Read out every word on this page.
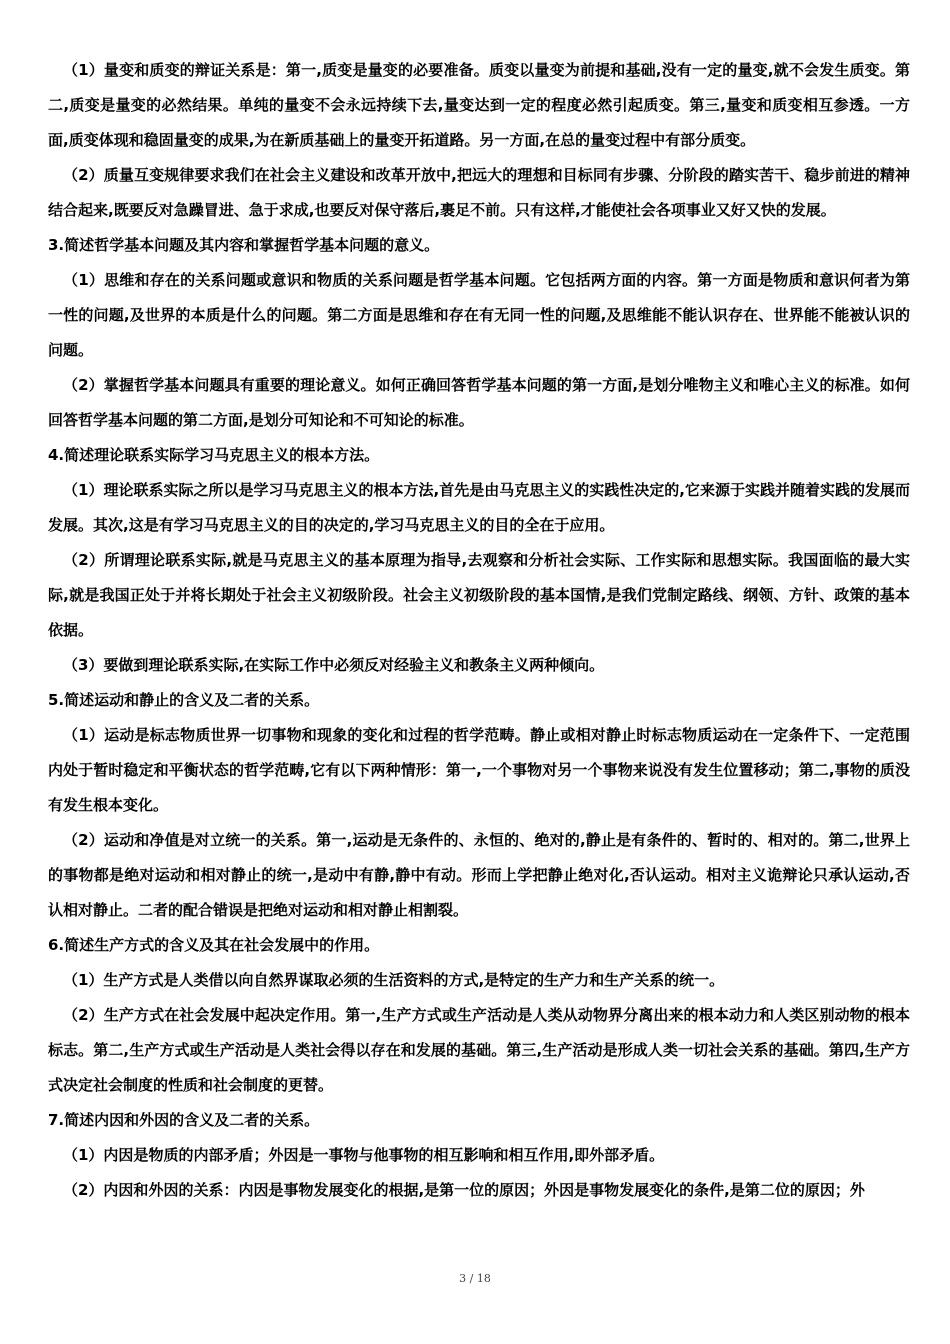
（1）量变和质变的辩证关系是：第一,质变是量变的必要准备。质变以量变为前提和基础,没有一定的量变,就不会发生质变。第二,质变是量变的必然结果。单纯的量变不会永远持续下去,量变达到一定的程度必然引起质变。第三,量变和质变相互参透。一方面,质变体现和稳固量变的成果,为在新质基础上的量变开拓道路。另一方面,在总的量变过程中有部分质变。

（2）质量互变规律要求我们在社会主义建设和改革开放中,把远大的理想和目标同有步骤、分阶段的踏实苦干、稳步前进的精神结合起来,既要反对急躁冒进、急于求成,也要反对保守落后,裹足不前。只有这样,才能使社会各项事业又好又快的发展。

3.简述哲学基本问题及其内容和掌握哲学基本问题的意义。

（1）思维和存在的关系问题或意识和物质的关系问题是哲学基本问题。它包括两方面的内容。第一方面是物质和意识何者为第一性的问题,及世界的本质是什么的问题。第二方面是思维和存在有无同一性的问题,及思维能不能认识存在、世界能不能被认识的问题。

（2）掌握哲学基本问题具有重要的理论意义。如何正确回答哲学基本问题的第一方面,是划分唯物主义和唯心主义的标准。如何回答哲学基本问题的第二方面,是划分可知论和不可知论的标准。

4.简述理论联系实际学习马克思主义的根本方法。

（1）理论联系实际之所以是学习马克思主义的根本方法,首先是由马克思主义的实践性决定的,它来源于实践并随着实践的发展而发展。其次,这是有学习马克思主义的目的决定的,学习马克思主义的目的全在于应用。

（2）所谓理论联系实际,就是马克思主义的基本原理为指导,去观察和分析社会实际、工作实际和思想实际。我国面临的最大实际,就是我国正处于并将长期处于社会主义初级阶段。社会主义初级阶段的基本国情,是我们党制定路线、纲领、方针、政策的基本依据。

（3）要做到理论联系实际,在实际工作中必须反对经验主义和教条主义两种倾向。

5.简述运动和静止的含义及二者的关系。

（1）运动是标志物质世界一切事物和现象的变化和过程的哲学范畴。静止或相对静止时标志物质运动在一定条件下、一定范围内处于暂时稳定和平衡状态的哲学范畴,它有以下两种情形：第一,一个事物对另一个事物来说没有发生位置移动；第二,事物的质没有发生根本变化。

（2）运动和净值是对立统一的关系。第一,运动是无条件的、永恒的、绝对的,静止是有条件的、暂时的、相对的。第二,世界上的事物都是绝对运动和相对静止的统一,是动中有静,静中有动。形而上学把静止绝对化,否认运动。相对主义诡辩论只承认运动,否认相对静止。二者的配合错误是把绝对运动和相对静止相割裂。

6.简述生产方式的含义及其在社会发展中的作用。

（1）生产方式是人类借以向自然界谋取必须的生活资料的方式,是特定的生产力和生产关系的统一。

（2）生产方式在社会发展中起决定作用。第一,生产方式或生产活动是人类从动物界分离出来的根本动力和人类区别动物的根本标志。第二,生产方式或生产活动是人类社会得以存在和发展的基础。第三,生产活动是形成人类一切社会关系的基础。第四,生产方式决定社会制度的性质和社会制度的更替。

7.简述内因和外因的含义及二者的关系。

（1）内因是物质的内部矛盾；外因是一事物与他事物的相互影响和相互作用,即外部矛盾。

（2）内因和外因的关系：内因是事物发展变化的根据,是第一位的原因；外因是事物发展变化的条件,是第二位的原因；外

3 / 18
